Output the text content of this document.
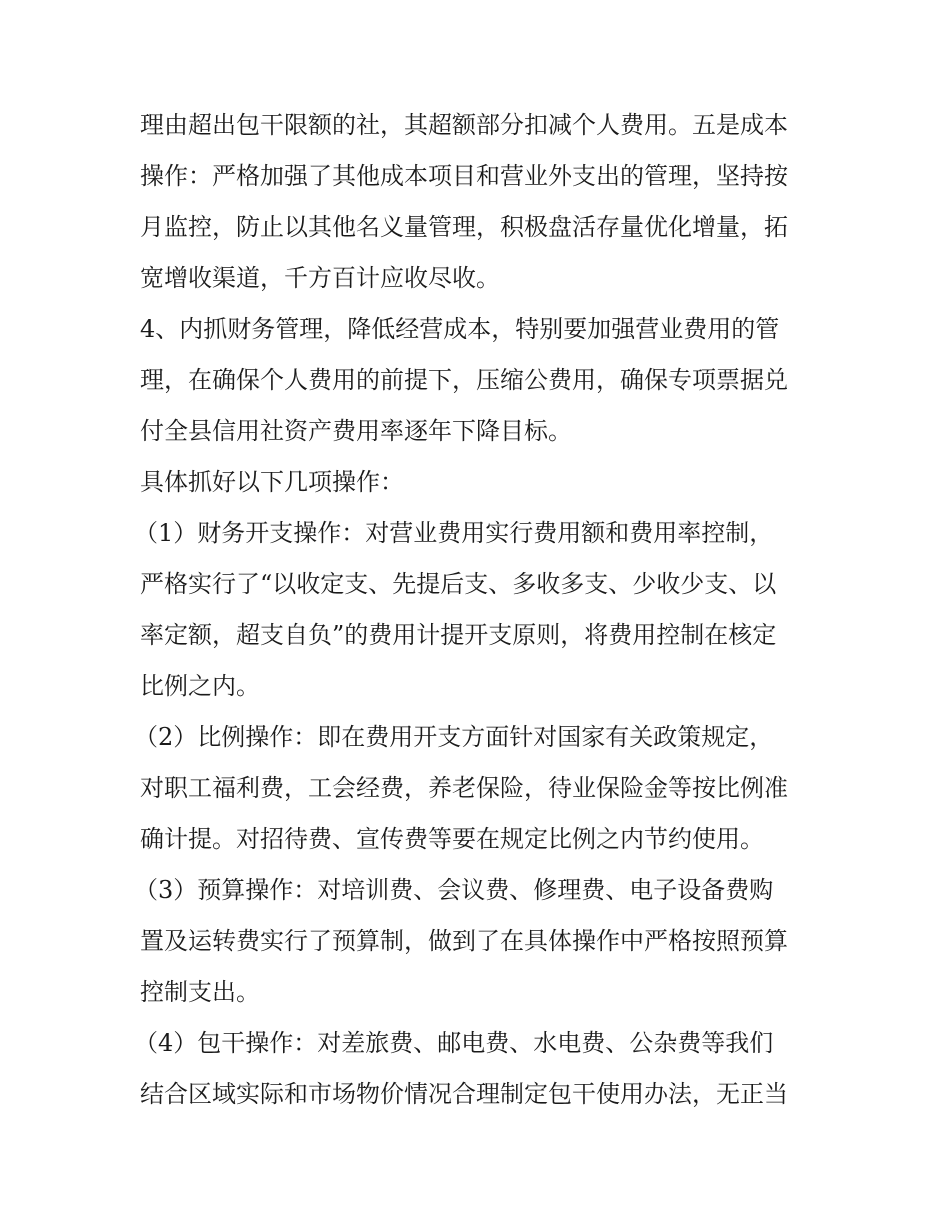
理由超出包干限额的社，其超额部分扣减个人费用。五是成本
操作：严格加强了其他成本项目和营业外支出的管理，坚持按
月监控，防止以其他名义量管理，积极盘活存量优化增量，拓
宽增收渠道，千方百计应收尽收。
4、内抓财务管理，降低经营成本，特别要加强营业费用的管
理，在确保个人费用的前提下，压缩公费用，确保专项票据兑
付全县信用社资产费用率逐年下降目标。
具体抓好以下几项操作：
（1）财务开支操作：对营业费用实行费用额和费用率控制，
严格实行了“以收定支、先提后支、多收多支、少收少支、以
率定额，超支自负”的费用计提开支原则，将费用控制在核定
比例之内。
（2）比例操作：即在费用开支方面针对国家有关政策规定，
对职工福利费，工会经费，养老保险，待业保险金等按比例准
确计提。对招待费、宣传费等要在规定比例之内节约使用。
（3）预算操作：对培训费、会议费、修理费、电子设备费购
置及运转费实行了预算制，做到了在具体操作中严格按照预算
控制支出。
（4）包干操作：对差旅费、邮电费、水电费、公杂费等我们
结合区域实际和市场物价情况合理制定包干使用办法，无正当
